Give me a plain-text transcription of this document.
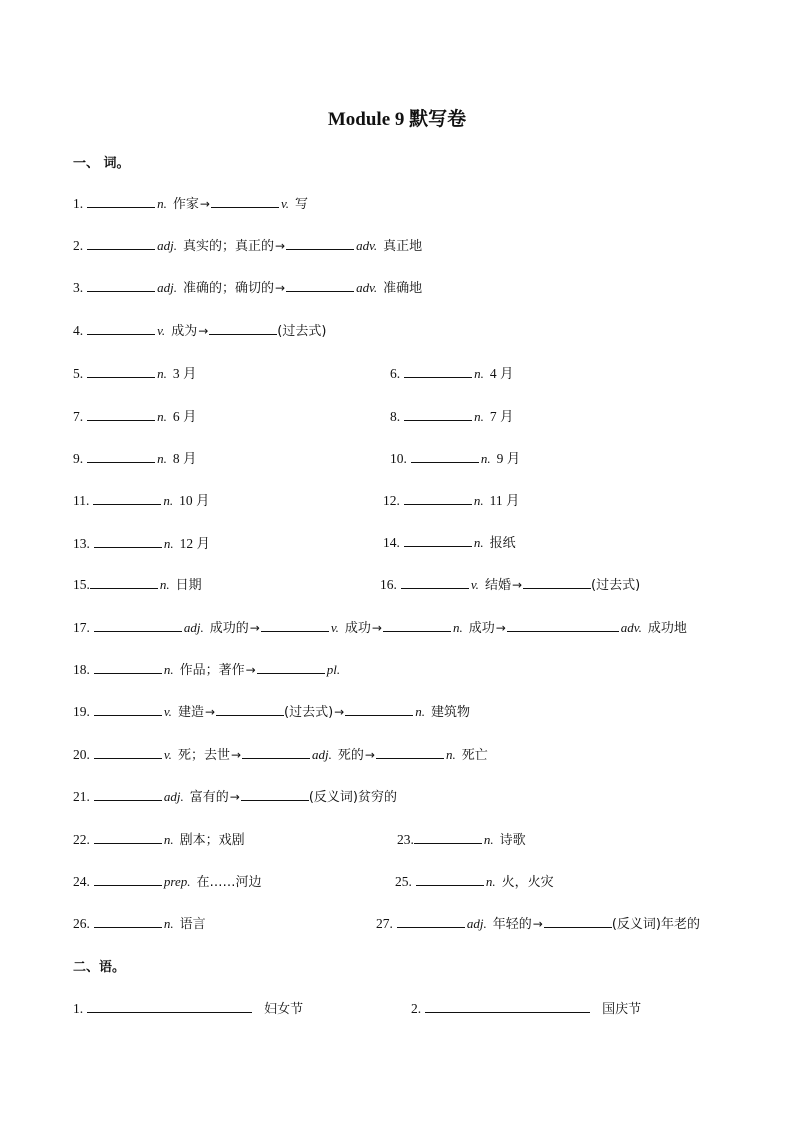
Module 9 默写卷
一、 词。
1.	n. 作家 →	v. 写
2.	adj. 真实的；真正的 →	adv. 真正地
3.	adj. 准确的；确切的 →	adv. 准确地
4.	v. 成为 →	(过去式)
5.	n. 3 月	6.	n. 4 月
7.	n. 6 月	8.	n. 7 月
9.	n. 8 月	10.	n. 9 月
11.	n. 10 月	12.	n. 11 月
13.	n. 12 月	14.	n. 报纸
15.	n. 日期	16.	v. 结婚 →	(过去式)
17.	adj. 成功的 →	v. 成功 →	n. 成功 →	adv. 成功地
18.	n. 作品；著作 →	pl.
19.	v. 建造 →	(过去式) →	n. 建筑物
20.	v. 死；去世 →	adj. 死的 →	n. 死亡
21.	adj. 富有的 →	(反义词)贫穷的
22.	n. 剧本；戏剧	23.	n. 诗歌
24.	prep. 在……河边	25.	n. 火，火灾
26.	n. 语言	27.	adj. 年轻的 →	(反义词)年老的
二、语。
1.	妇女节	2.	国庆节
